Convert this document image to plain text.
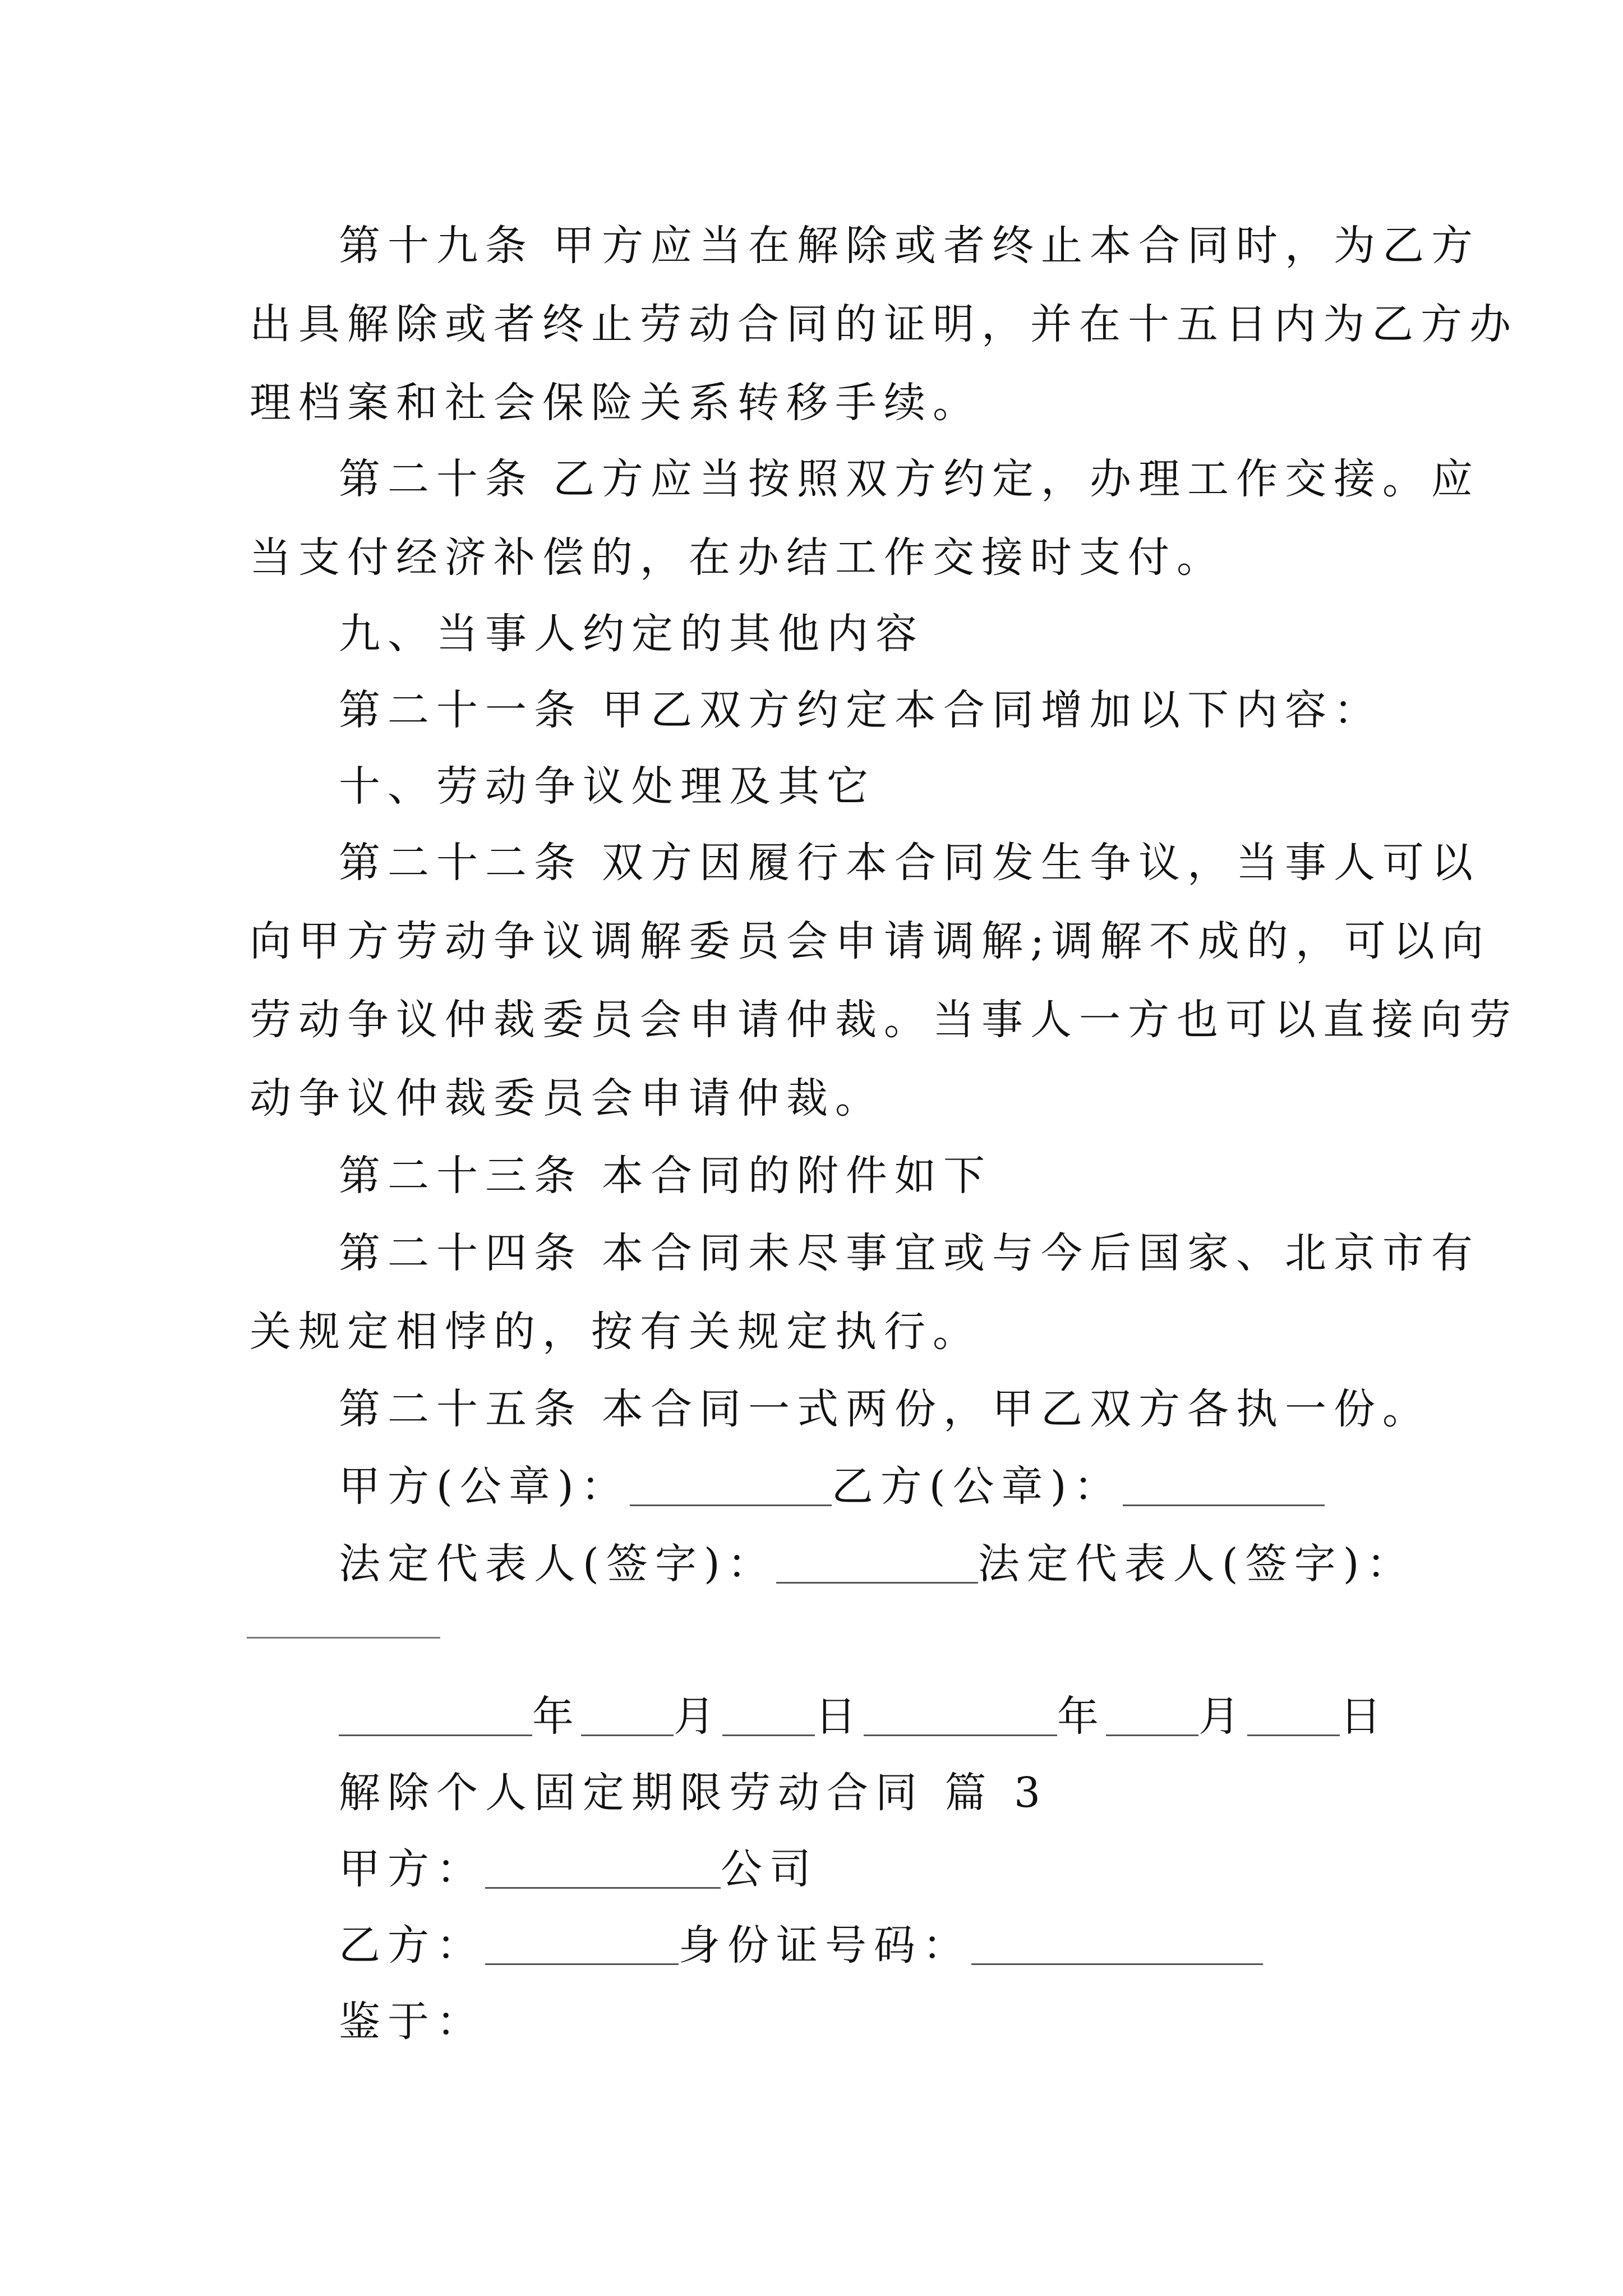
第十九条 甲方应当在解除或者终止本合同时，为乙方
出具解除或者终止劳动合同的证明，并在十五日内为乙方办
理档案和社会保险关系转移手续。
第二十条 乙方应当按照双方约定，办理工作交接。应
当支付经济补偿的，在办结工作交接时支付。
九、当事人约定的其他内容
第二十一条 甲乙双方约定本合同增加以下内容：
十、劳动争议处理及其它
第二十二条 双方因履行本合同发生争议，当事人可以
向甲方劳动争议调解委员会申请调解;调解不成的，可以向
劳动争议仲裁委员会申请仲裁。当事人一方也可以直接向劳
动争议仲裁委员会申请仲裁。
第二十三条 本合同的附件如下
第二十四条 本合同未尽事宜或与今后国家、北京市有
关规定相悖的，按有关规定执行。
第二十五条 本合同一式两份，甲乙双方各执一份。
甲方(公章)：	乙方(公章)：
法定代表人(签字)：	法定代表人(签字)：
年 月 日	年 月 日
解除个人固定期限劳动合同 篇 3
甲方：	公司
乙方：	身份证号码：
鉴于：
